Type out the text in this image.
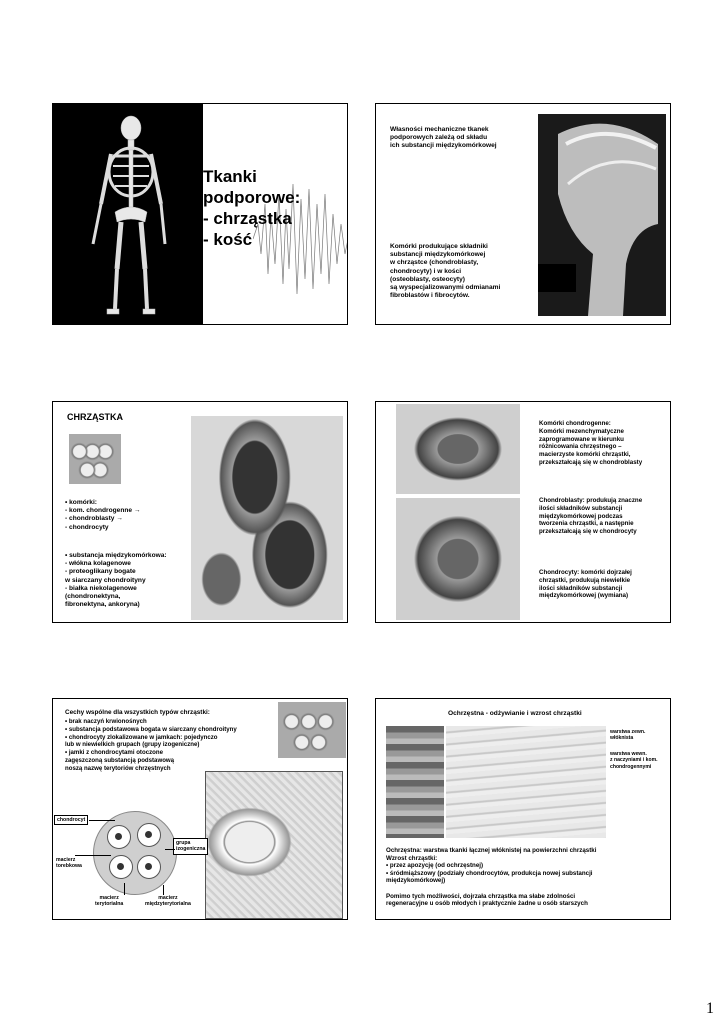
Tkanki
podporowe:
- chrząstka
- kość
Własności mechaniczne tkanek
podporowych zależą od składu
ich substancji międzykomórkowej
Komórki produkujące składniki
substancji międzykomórkowej
w chrząstce (chondroblasty,
chondrocyty) i w kości
(osteoblasty, osteocyty)
są wyspecjalizowanymi odmianami
fibroblastów i fibrocytów.
CHRZĄSTKA
• komórki:
- kom. chondrogenne →
- chondroblasty →
- chondrocyty
• substancja międzykomórkowa:
- włókna kolagenowe
- proteoglikany bogate
w siarczany chondroityny
- białka niekolagenowe
(chondronektyna,
fibronektyna, ankoryna)
Komórki chondrogenne:
Komórki mezenchymatyczne
zaprogramowane w kierunku
różnicowania chrzęstnego –
macierzyste komórki chrząstki,
przekształcają się w chondroblasty
Chondroblasty: produkują znaczne
ilości składników substancji
międzykomórkowej podczas
tworzenia chrząstki, a następnie
przekształcają się w chondrocyty
Chondrocyty: komórki dojrzałej
chrząstki, produkują niewielkie
ilości składników substancji
międzykomórkowej (wymiana)
Cechy wspólne dla wszystkich typów chrząstki:
• brak naczyń krwionośnych
• substancja podstawowa bogata w siarczany chondroityny
• chondrocyty zlokalizowane w jamkach: pojedynczo
lub w niewielkich grupach (grupy izogeniczne)
• jamki z chondrocytami otoczone
zagęszczoną substancją podstawową
noszą nazwę terytoriów chrzęstnych
chondrocyt
macierz
torebkowa
grupa
izogeniczna
macierz
terytorialna
macierz
międzyterytorialna
Ochrzęstna - odżywianie i wzrost chrząstki
warstwa zewn.
włóknista
warstwa wewn.
z naczyniami i kom.
chondrogennymi
Ochrzęstna: warstwa tkanki łącznej włóknistej na powierzchni chrząstki
Wzrost chrząstki:
• przez apozycję (od ochrzęstnej)
• śródmiąższowy (podziały chondrocytów, produkcja nowej substancji
międzykomórkowej)

Pomimo tych możliwości, dojrzała chrząstka ma słabe zdolności
regeneracyjne u osób młodych i praktycznie żadne u osób starszych
1
